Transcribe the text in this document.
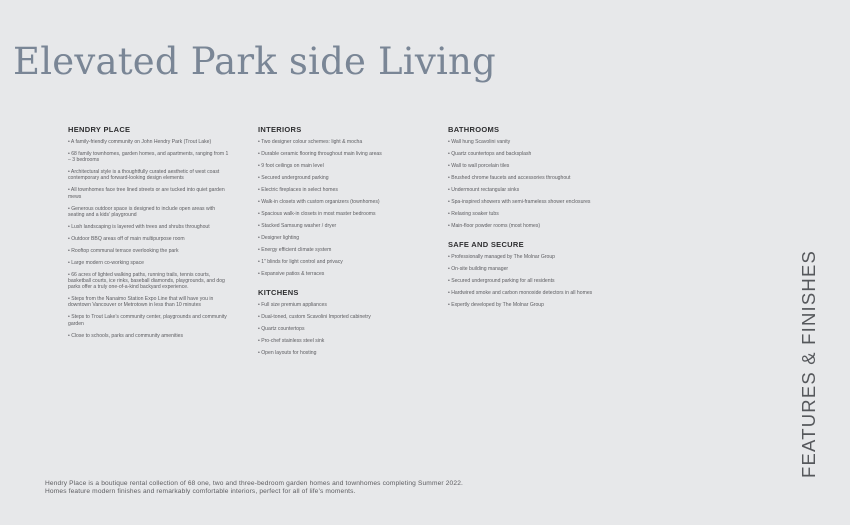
Elevated Park side Living
HENDRY PLACE
• A family-friendly community on John Hendry Park (Trout Lake)
• 68 family townhomes, garden homes, and apartments, ranging from 1 – 3 bedrooms
• Architectural style is a thoughtfully curated aesthetic of west coast contemporary and forward-looking design elements
• All townhomes face tree lined streets or are tucked into quiet garden mews
• Generous outdoor space is designed to include open areas with seating and a kids’ playground
• Lush landscaping is layered with trees and shrubs throughout
• Outdoor BBQ areas off of main multipurpose room
• Rooftop communal terrace overlooking the park
• Large modern co-working space
• 66 acres of lighted walking paths, running trails, tennis courts, basketball courts, ice rinks, baseball diamonds, playgrounds, and dog parks offer a truly one-of-a-kind backyard experience.
• Steps from the Nanaimo Station Expo Line that will have you in downtown Vancouver or Metrotown in less than 10 minutes
• Steps to Trout Lake’s community center, playgrounds and community garden
• Close to schools, parks and community amenities
INTERIORS
• Two designer colour schemes: light & mocha
• Durable ceramic flooring throughout main living areas
• 9 foot ceilings on main level
• Secured underground parking
• Electric fireplaces in select homes
• Walk-in closets with custom organizers (townhomes)
• Spacious walk-in closets in most master bedrooms
• Stacked Samsung washer / dryer
• Designer lighting
• Energy efficient climate system
• 1" blinds for light control and privacy
• Expansive patios & terraces
KITCHENS
• Full size premium appliances
• Dual-toned, custom Scavolini Imported cabinetry
• Quartz countertops
• Pro-chef stainless steel sink
• Open layouts for hosting
BATHROOMS
• Wall hung Scavolini vanity
• Quartz countertops and backsplash
• Wall to wall porcelain tiles
• Brushed chrome faucets and accessories throughout
• Undermount rectangular sinks
• Spa-inspired showers with semi-frameless shower enclosures
• Relaxing soaker tubs
• Main-floor powder rooms (most homes)
SAFE AND SECURE
• Professionally managed by The Molnar Group
• On-site building manager
• Secured underground parking for all residents
• Hardwired smoke and carbon monoxide detectors in all homes
• Expertly developed by The Molnar Group	FEATURES & FINISHES

Hendry Place is a boutique rental collection of 68 one, two and three-bedroom garden homes and townhomes completing Summer 2022.

Homes feature modern finishes and remarkably comfortable interiors, perfect for all of life’s moments.
